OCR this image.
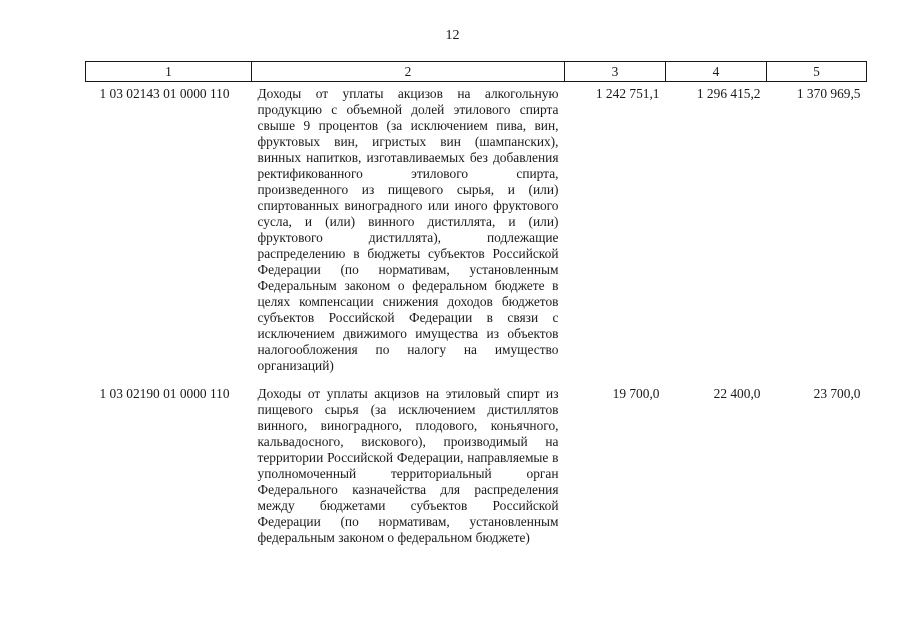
12
1	2	3	4	5
1 03 02143 01 0000 110	Доходы от уплаты акцизов на алкогольную продукцию с объемной долей этилового спирта свыше 9 процентов (за исключением пива, вин, фруктовых вин, игристых вин (шампанских), винных напитков, изготавливаемых без добавления ректификованного этилового спирта, произведенного из пищевого сырья, и (или) спиртованных виноградного или иного фруктового сусла, и (или) винного дистиллята, и (или) фруктового дистиллята), подлежащие распределению в бюджеты субъектов Российской Федерации (по нормативам, установленным Федеральным законом о федеральном бюджете в целях компенсации снижения доходов бюджетов субъектов Российской Федерации в связи с исключением движимого имущества из объектов налогообложения по налогу на имущество организаций)	1 242 751,1	1 296 415,2	1 370 969,5
1 03 02190 01 0000 110	Доходы от уплаты акцизов на этиловый спирт из пищевого сырья (за исключением дистиллятов винного, виноградного, плодового, коньячного, кальвадосного, вискового), производимый на территории Российской Федерации, направляемые в уполномоченный территориальный орган Федерального казначейства для распределения между бюджетами субъектов Российской Федерации (по нормативам, установленным федеральным законом о федеральном бюджете)	19 700,0	22 400,0	23 700,0
